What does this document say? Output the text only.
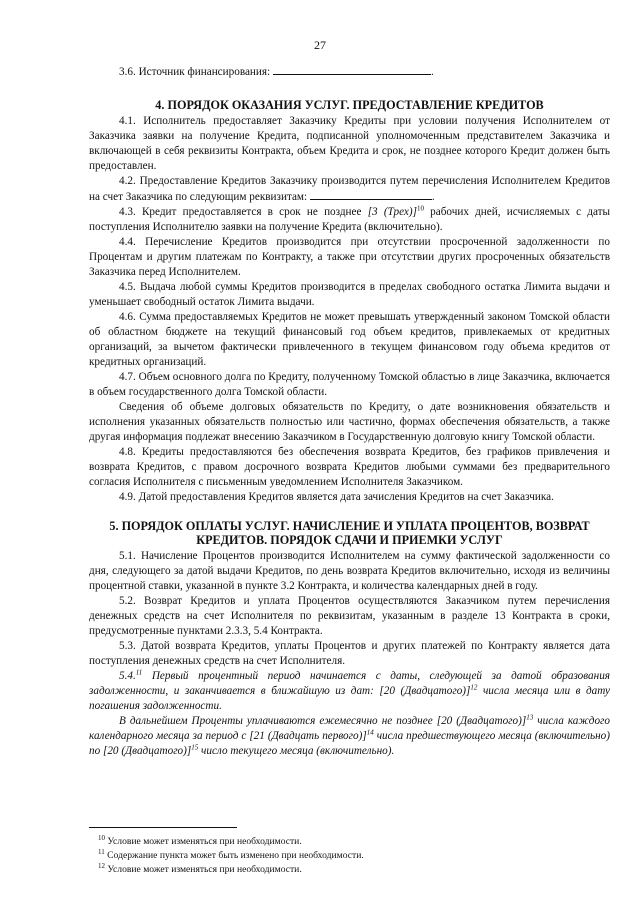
27

3.6. Источник финансирования:	.

4. ПОРЯДОК ОКАЗАНИЯ УСЛУГ. ПРЕДОСТАВЛЕНИЕ КРЕДИТОВ

4.1. Исполнитель предоставляет Заказчику Кредиты при условии получения Исполнителем от Заказчика заявки на получение Кредита, подписанной уполномоченным представителем Заказчика и включающей в себя реквизиты Контракта, объем Кредита и срок, не позднее которого Кредит должен быть предоставлен.

4.2. Предоставление Кредитов Заказчику производится путем перечисления Исполнителем Кредитов на счет Заказчика по следующим реквизитам:	.

4.3. Кредит предоставляется в срок не позднее [3 (Трех)]$^{10}$ рабочих дней, исчисляемых с даты поступления Исполнителю заявки на получение Кредита (включительно).

4.4. Перечисление Кредитов производится при отсутствии просроченной задолженности по Процентам и другим платежам по Контракту, а также при отсутствии других просроченных обязательств Заказчика перед Исполнителем.

4.5. Выдача любой суммы Кредитов производится в пределах свободного остатка Лимита выдачи и уменьшает свободный остаток Лимита выдачи.

4.6. Сумма предоставляемых Кредитов не может превышать утвержденный законом Томской области об областном бюджете на текущий финансовый год объем кредитов, привлекаемых от кредитных организаций, за вычетом фактически привлеченного в текущем финансовом году объема кредитов от кредитных организаций.

4.7. Объем основного долга по Кредиту, полученному Томской областью в лице Заказчика, включается в объем государственного долга Томской области.

Сведения об объеме долговых обязательств по Кредиту, о дате возникновения обязательств и исполнения указанных обязательств полностью или частично, формах обеспечения обязательств, а также другая информация подлежат внесению Заказчиком в Государственную долговую книгу Томской области.

4.8. Кредиты предоставляются без обеспечения возврата Кредитов, без графиков привлечения и возврата Кредитов, с правом досрочного возврата Кредитов любыми суммами без предварительного согласия Исполнителя с письменным уведомлением Исполнителя Заказчиком.

4.9. Датой предоставления Кредитов является дата зачисления Кредитов на счет Заказчика.

5. ПОРЯДОК ОПЛАТЫ УСЛУГ. НАЧИСЛЕНИЕ И УПЛАТА ПРОЦЕНТОВ, ВОЗВРАТ КРЕДИТОВ. ПОРЯДОК СДАЧИ И ПРИЕМКИ УСЛУГ

5.1. Начисление Процентов производится Исполнителем на сумму фактической задолженности со дня, следующего за датой выдачи Кредитов, по день возврата Кредитов включительно, исходя из величины процентной ставки, указанной в пункте 3.2 Контракта, и количества календарных дней в году.

5.2. Возврат Кредитов и уплата Процентов осуществляются Заказчиком путем перечисления денежных средств на счет Исполнителя по реквизитам, указанным в разделе 13 Контракта в сроки, предусмотренные пунктами 2.3.3, 5.4 Контракта.

5.3. Датой возврата Кредитов, уплаты Процентов и других платежей по Контракту является дата поступления денежных средств на счет Исполнителя.

5.4.11 Первый процентный период начинается с даты, следующей за датой образования задолженности, и заканчивается в ближайшую из дат: [20 (Двадцатого)]$^{12}$ числа месяца или в дату погашения задолженности.

В дальнейшем Проценты уплачиваются ежемесячно не позднее [20 (Двадцатого)]$^{13}$ числа каждого календарного месяца за период с [21 (Двадцать первого)]$^{14}$ числа предшествующего месяца (включительно) по [20 (Двадцатого)]$^{15}$ число текущего месяца (включительно).

$^{10}$ Условие может изменяться при необходимости.
$^{11}$ Содержание пункта может быть изменено при необходимости.
$^{12}$ Условие может изменяться при необходимости.
